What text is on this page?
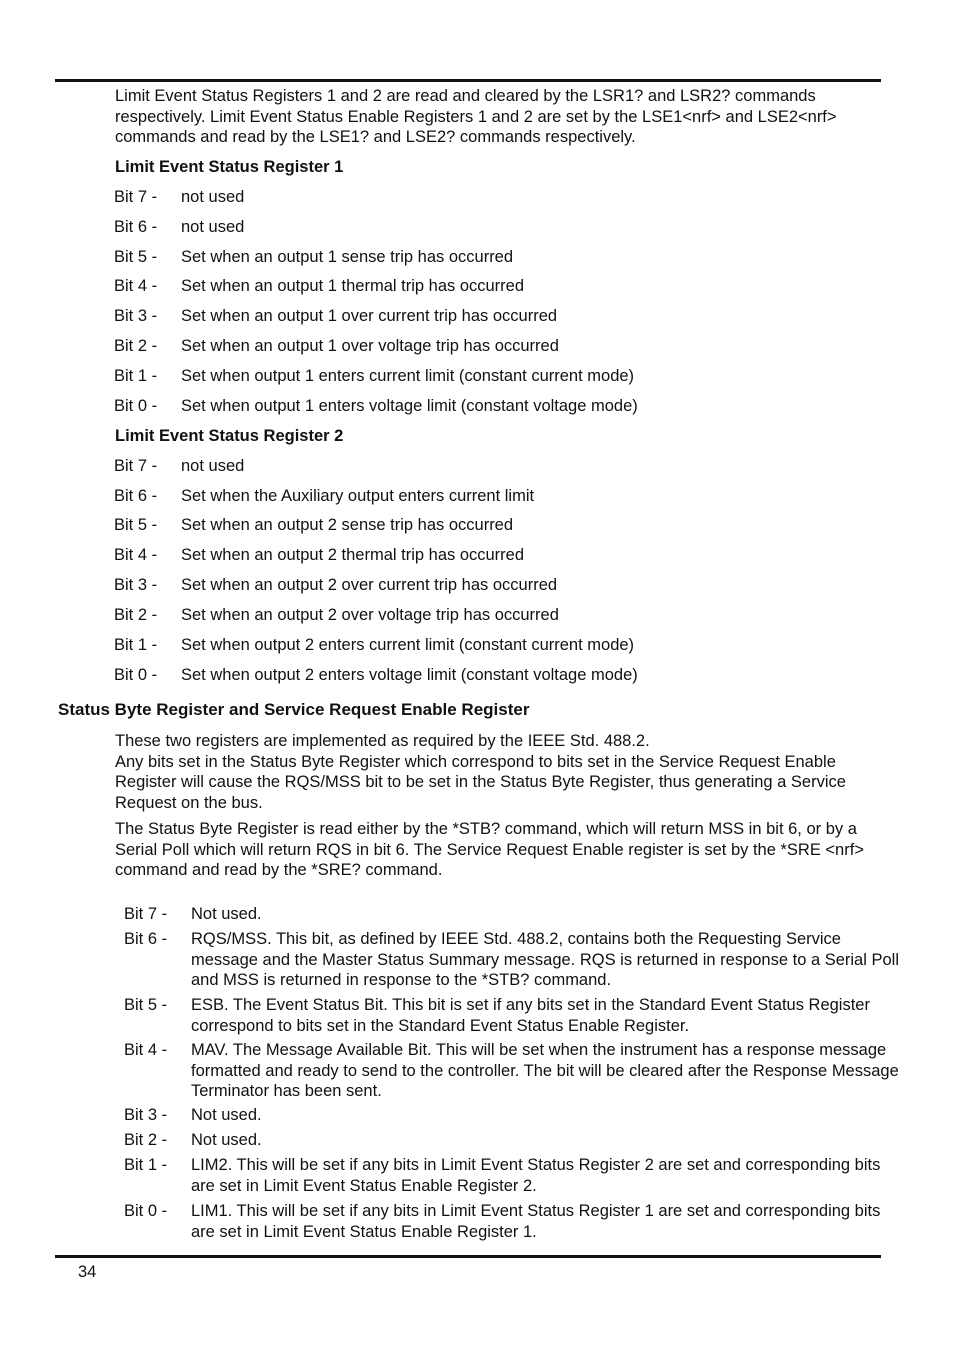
Limit Event Status Registers 1 and 2 are read and cleared by the LSR1? and LSR2? commands respectively. Limit Event Status Enable Registers 1 and 2 are set by the LSE1<nrf> and LSE2<nrf> commands and read by the LSE1? and LSE2? commands respectively.
Limit Event Status Register 1
Bit 7 - not used
Bit 6 - not used
Bit 5 - Set when an output 1 sense trip has occurred
Bit 4 - Set when an output 1 thermal trip has occurred
Bit 3 - Set when an output 1 over current trip has occurred
Bit 2 - Set when an output 1 over voltage trip has occurred
Bit 1 - Set when output 1 enters current limit (constant current mode)
Bit 0 - Set when output 1 enters voltage limit (constant voltage mode)
Limit Event Status Register 2
Bit 7 - not used
Bit 6 - Set when the Auxiliary output enters current limit
Bit 5 - Set when an output 2 sense trip has occurred
Bit 4 - Set when an output 2 thermal trip has occurred
Bit 3 - Set when an output 2 over current trip has occurred
Bit 2 - Set when an output 2 over voltage trip has occurred
Bit 1 - Set when output 2 enters current limit (constant current mode)
Bit 0 - Set when output 2 enters voltage limit (constant voltage mode)
Status Byte Register and Service Request Enable Register
These two registers are implemented as required by the IEEE Std. 488.2.
Any bits set in the Status Byte Register which correspond to bits set in the Service Request Enable Register will cause the RQS/MSS bit to be set in the Status Byte Register, thus generating a Service Request on the bus.
The Status Byte Register is read either by the *STB? command, which will return MSS in bit 6, or by a Serial Poll which will return RQS in bit 6. The Service Request Enable register is set by the *SRE <nrf> command and read by the *SRE? command.
Bit 7 -	Not used.
Bit 6 -	RQS/MSS. This bit, as defined by IEEE Std. 488.2, contains both the Requesting Service message and the Master Status Summary message. RQS is returned in response to a Serial Poll and MSS is returned in response to the *STB? command.
Bit 5 -	ESB. The Event Status Bit. This bit is set if any bits set in the Standard Event Status Register correspond to bits set in the Standard Event Status Enable Register.
Bit 4 -	MAV. The Message Available Bit. This will be set when the instrument has a response message formatted and ready to send to the controller. The bit will be cleared after the Response Message Terminator has been sent.
Bit 3 -	Not used.
Bit 2 -	Not used.
Bit 1 -	LIM2. This will be set if any bits in Limit Event Status Register 2 are set and corresponding bits are set in Limit Event Status Enable Register 2.
Bit 0 -	LIM1. This will be set if any bits in Limit Event Status Register 1 are set and corresponding bits are set in Limit Event Status Enable Register 1.
34
